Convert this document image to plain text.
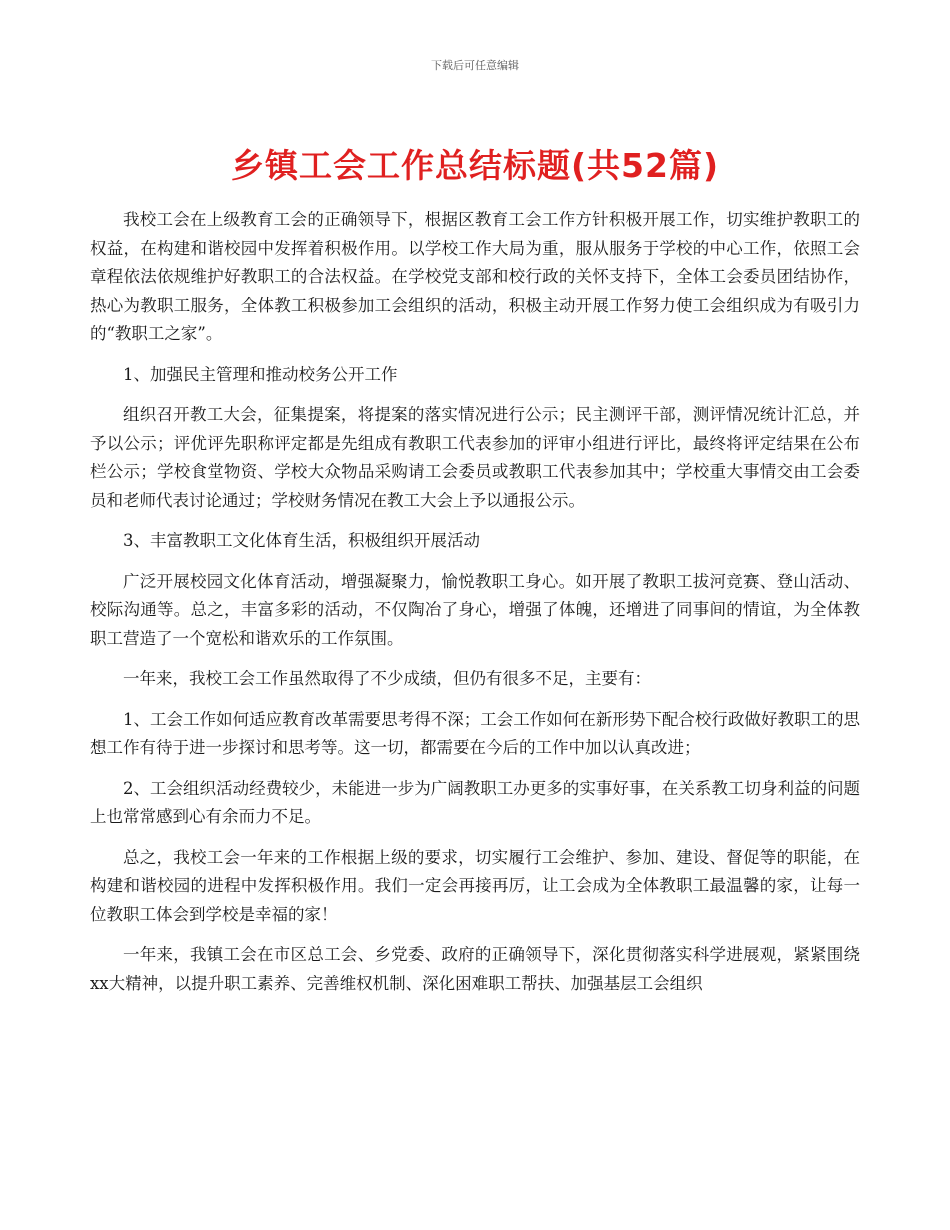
下载后可任意编辑
乡镇工会工作总结标题(共52篇)

我校工会在上级教育工会的正确领导下，根据区教育工会工作方针积极开展工作，切实维护教职工的权益，在构建和谐校园中发挥着积极作用。以学校工作大局为重，服从服务于学校的中心工作，依照工会章程依法依规维护好教职工的合法权益。在学校党支部和校行政的关怀支持下，全体工会委员团结协作，热心为教职工服务，全体教工积极参加工会组织的活动，积极主动开展工作努力使工会组织成为有吸引力的“教职工之家”。

1、加强民主管理和推动校务公开工作

组织召开教工大会，征集提案，将提案的落实情况进行公示；民主测评干部，测评情况统计汇总，并予以公示；评优评先职称评定都是先组成有教职工代表参加的评审小组进行评比，最终将评定结果在公布栏公示；学校食堂物资、学校大众物品采购请工会委员或教职工代表参加其中；学校重大事情交由工会委员和老师代表讨论通过；学校财务情况在教工大会上予以通报公示。

3、丰富教职工文化体育生活，积极组织开展活动

广泛开展校园文化体育活动，增强凝聚力，愉悦教职工身心。如开展了教职工拔河竞赛、登山活动、校际沟通等。总之，丰富多彩的活动，不仅陶冶了身心，增强了体魄，还增进了同事间的情谊，为全体教职工营造了一个宽松和谐欢乐的工作氛围。

一年来，我校工会工作虽然取得了不少成绩，但仍有很多不足，主要有：

1、工会工作如何适应教育改革需要思考得不深；工会工作如何在新形势下配合校行政做好教职工的思想工作有待于进一步探讨和思考等。这一切，都需要在今后的工作中加以认真改进；

2、工会组织活动经费较少，未能进一步为广阔教职工办更多的实事好事，在关系教工切身利益的问题上也常常感到心有余而力不足。

总之，我校工会一年来的工作根据上级的要求，切实履行工会维护、参加、建设、督促等的职能，在构建和谐校园的进程中发挥积极作用。我们一定会再接再厉，让工会成为全体教职工最温馨的家，让每一位教职工体会到学校是幸福的家！

一年来，我镇工会在市区总工会、乡党委、政府的正确领导下，深化贯彻落实科学进展观，紧紧围绕xx大精神，以提升职工素养、完善维权机制、深化困难职工帮扶、加强基层工会组织
